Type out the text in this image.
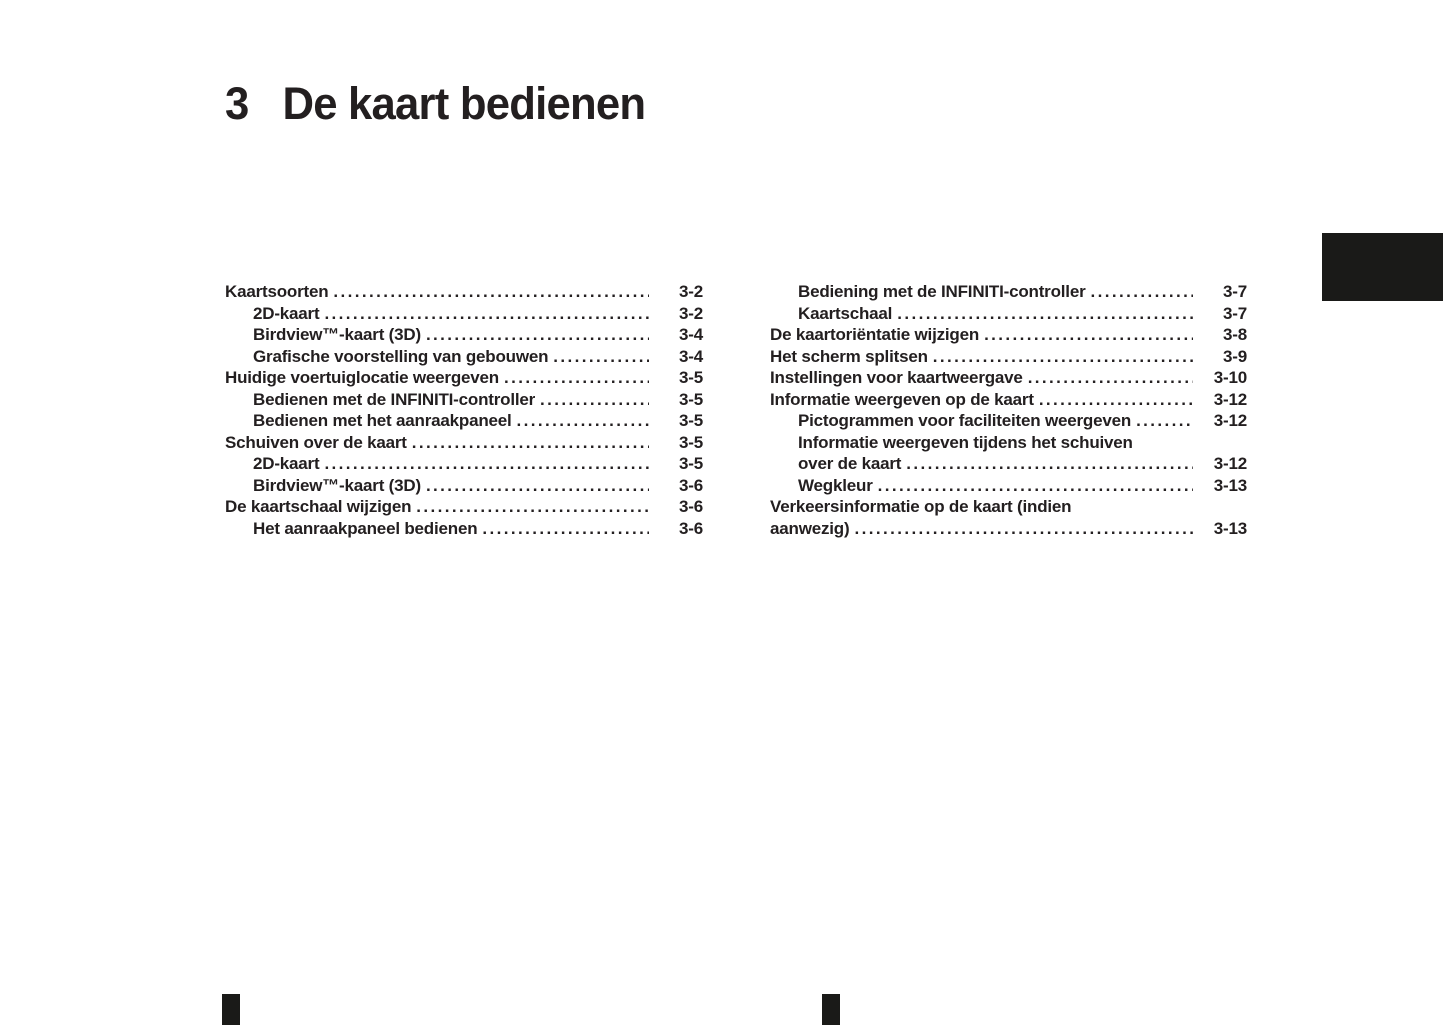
3 De kaart bedienen
Kaartsoorten .....	3-2
2D-kaart .....	3-2
Birdview™-kaart (3D) .....	3-4
Grafische voorstelling van gebouwen .....	3-4
Huidige voertuiglocatie weergeven .....	3-5
Bedienen met de INFINITI-controller .....	3-5
Bedienen met het aanraakpaneel .....	3-5
Schuiven over de kaart .....	3-5
2D-kaart .....	3-5
Birdview™-kaart (3D) .....	3-6
De kaartschaal wijzigen .....	3-6
Het aanraakpaneel bedienen .....	3-6
Bediening met de INFINITI-controller .....	3-7
Kaartschaal .....	3-7
De kaartoriëntatie wijzigen .....	3-8
Het scherm splitsen .....	3-9
Instellingen voor kaartweergave .....	3-10
Informatie weergeven op de kaart .....	3-12
Pictogrammen voor faciliteiten weergeven .....	3-12
Informatie weergeven tijdens het schuiven
over de kaart .....	3-12
Wegkleur .....	3-13
Verkeersinformatie op de kaart (indien
aanwezig) .....	3-13
